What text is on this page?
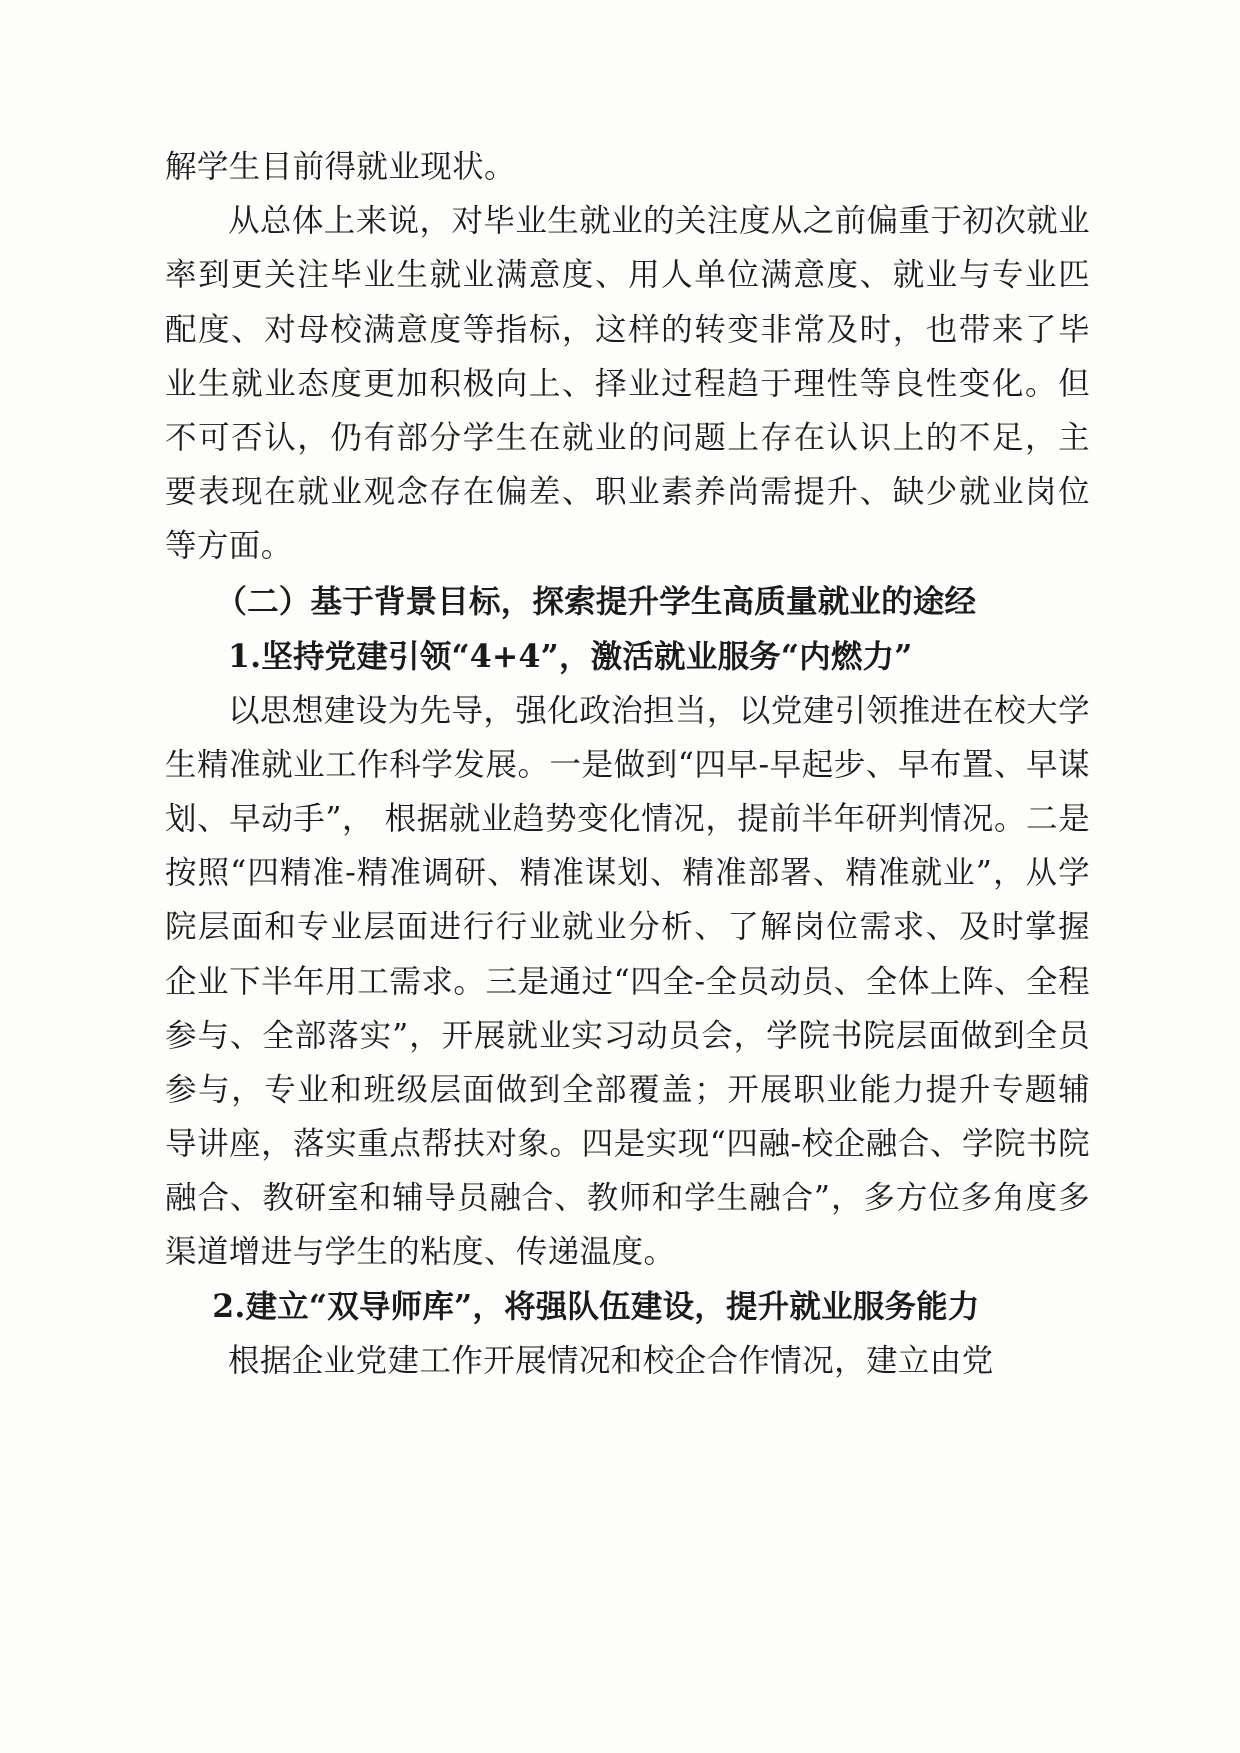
解学生目前得就业现状。

从总体上来说，对毕业生就业的关注度从之前偏重于初次就业率到更关注毕业生就业满意度、用人单位满意度、就业与专业匹配度、对母校满意度等指标，这样的转变非常及时，也带来了毕业生就业态度更加积极向上、择业过程趋于理性等良性变化。但不可否认，仍有部分学生在就业的问题上存在认识上的不足，主要表现在就业观念存在偏差、职业素养尚需提升、缺少就业岗位等方面。

（二）基于背景目标，探索提升学生高质量就业的途经

1.坚持党建引领“4+4”，激活就业服务“内燃力”

以思想建设为先导，强化政治担当，以党建引领推进在校大学生精准就业工作科学发展。一是做到“四早-早起步、早布置、早谋划、早动手”， 根据就业趋势变化情况，提前半年研判情况。二是按照“四精准-精准调研、精准谋划、精准部署、精准就业”，从学院层面和专业层面进行行业就业分析、了解岗位需求、及时掌握企业下半年用工需求。三是通过“四全-全员动员、全体上阵、全程参与、全部落实”，开展就业实习动员会，学院书院层面做到全员参与，专业和班级层面做到全部覆盖；开展职业能力提升专题辅导讲座，落实重点帮扶对象。四是实现“四融-校企融合、学院书院融合、教研室和辅导员融合、教师和学生融合”，多方位多角度多渠道增进与学生的粘度、传递温度。

2.建立“双导师库”，将强队伍建设，提升就业服务能力

根据企业党建工作开展情况和校企合作情况，建立由党
